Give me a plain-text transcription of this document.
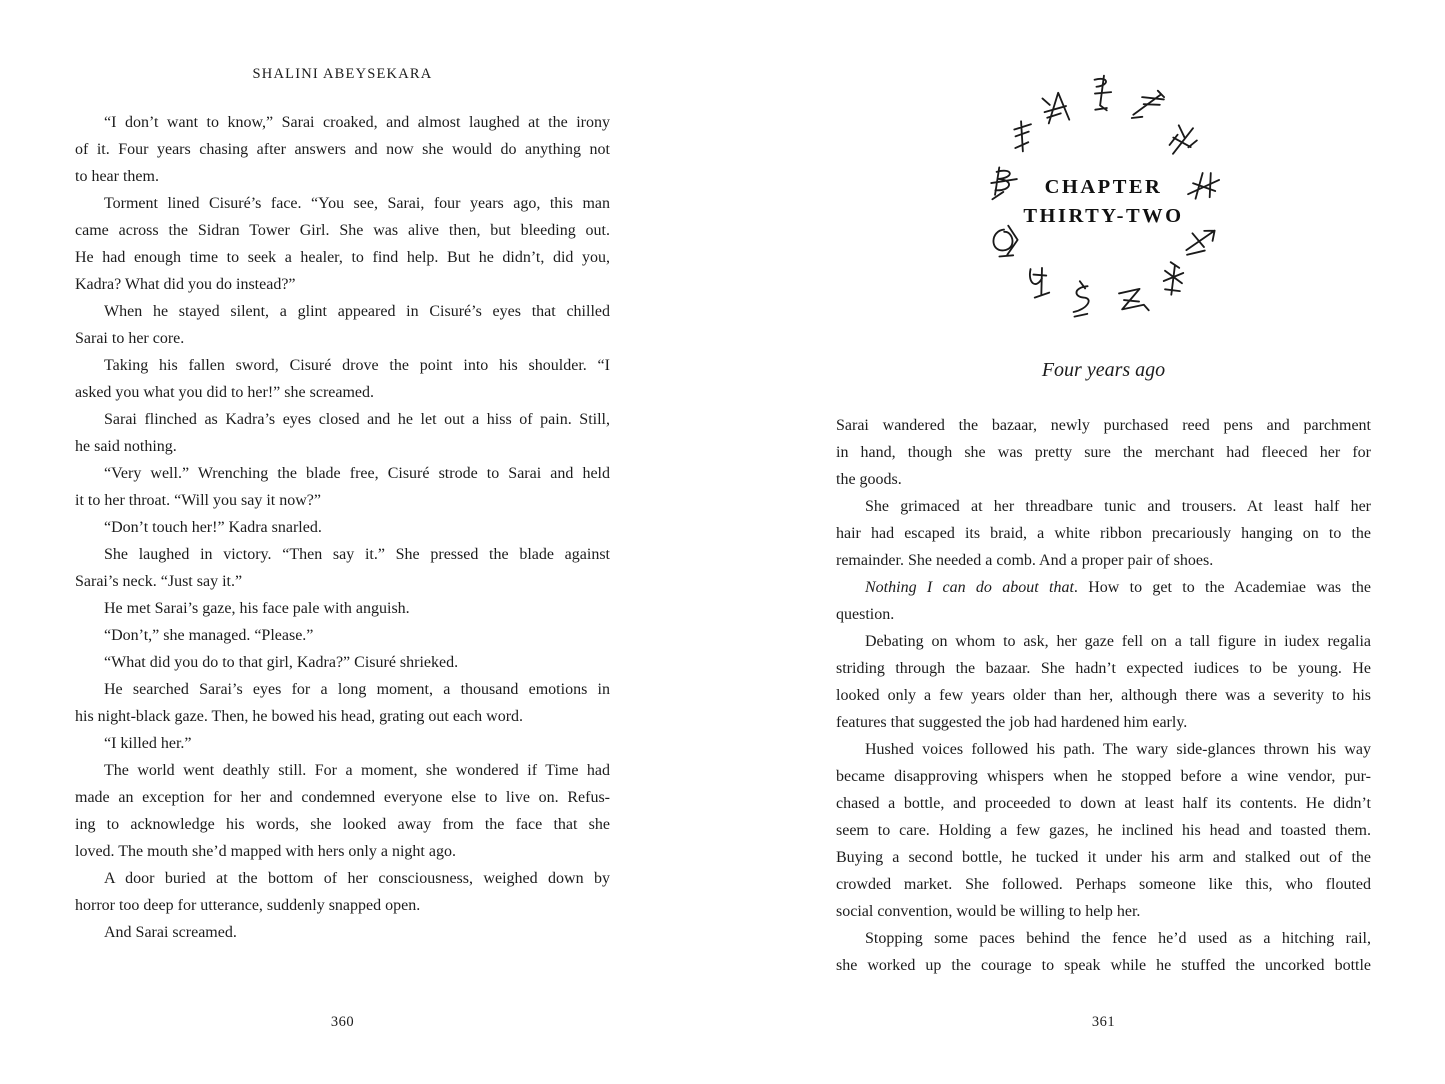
SHALINI ABEYSEKARA
“I don’t want to know,” Sarai croaked, and almost laughed at the irony
of it. Four years chasing after answers and now she would do anything not
to hear them.
Torment lined Cisuré’s face. “You see, Sarai, four years ago, this man
came across the Sidran Tower Girl. She was alive then, but bleeding out.
He had enough time to seek a healer, to find help. But he didn’t, did you,
Kadra? What did you do instead?”
When he stayed silent, a glint appeared in Cisuré’s eyes that chilled
Sarai to her core.
Taking his fallen sword, Cisuré drove the point into his shoulder. “I
asked you what you did to her!” she screamed.
Sarai flinched as Kadra’s eyes closed and he let out a hiss of pain. Still,
he said nothing.
“Very well.” Wrenching the blade free, Cisuré strode to Sarai and held
it to her throat. “Will you say it now?”
“Don’t touch her!” Kadra snarled.
She laughed in victory. “Then say it.” She pressed the blade against
Sarai’s neck. “Just say it.”
He met Sarai’s gaze, his face pale with anguish.
“Don’t,” she managed. “Please.”
“What did you do to that girl, Kadra?” Cisuré shrieked.
He searched Sarai’s eyes for a long moment, a thousand emotions in
his night-black gaze. Then, he bowed his head, grating out each word.
“I killed her.”
The world went deathly still. For a moment, she wondered if Time had
made an exception for her and condemned everyone else to live on. Refus-
ing to acknowledge his words, she looked away from the face that she
loved. The mouth she’d mapped with hers only a night ago.
A door buried at the bottom of her consciousness, weighed down by
horror too deep for utterance, suddenly snapped open.
And Sarai screamed.
360
CHAPTER
THIRTY-TWO
Four years ago
Sarai wandered the bazaar, newly purchased reed pens and parchment
in hand, though she was pretty sure the merchant had fleeced her for
the goods.
She grimaced at her threadbare tunic and trousers. At least half her
hair had escaped its braid, a white ribbon precariously hanging on to the
remainder. She needed a comb. And a proper pair of shoes.
Nothing I can do about that. How to get to the Academiae was the
question.
Debating on whom to ask, her gaze fell on a tall figure in iudex regalia
striding through the bazaar. She hadn’t expected iudices to be young. He
looked only a few years older than her, although there was a severity to his
features that suggested the job had hardened him early.
Hushed voices followed his path. The wary side-glances thrown his way
became disapproving whispers when he stopped before a wine vendor, pur-
chased a bottle, and proceeded to down at least half its contents. He didn’t
seem to care. Holding a few gazes, he inclined his head and toasted them.
Buying a second bottle, he tucked it under his arm and stalked out of the
crowded market. She followed. Perhaps someone like this, who flouted
social convention, would be willing to help her.
Stopping some paces behind the fence he’d used as a hitching rail,
she worked up the courage to speak while he stuffed the uncorked bottle
361
